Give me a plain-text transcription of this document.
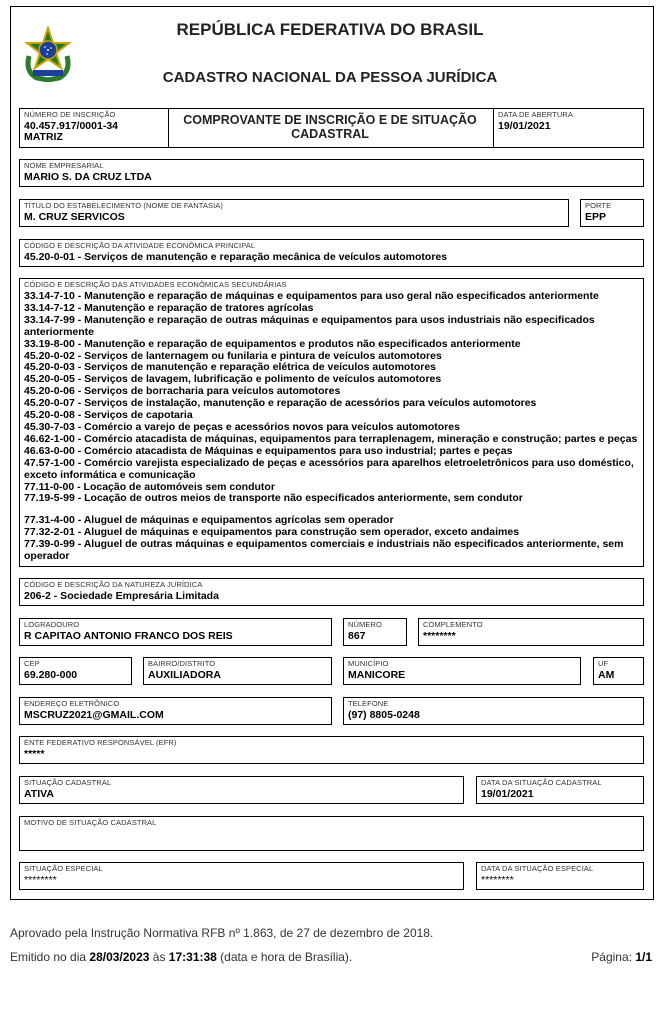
REPÚBLICA FEDERATIVA DO BRASIL
CADASTRO NACIONAL DA PESSOA JURÍDICA
NÚMERO DE INSCRIÇÃO
40.457.917/0001-34
MATRIZ
COMPROVANTE DE INSCRIÇÃO E DE SITUAÇÃO
CADASTRAL
DATA DE ABERTURA
19/01/2021
NOME EMPRESARIAL
MARIO S. DA CRUZ LTDA
TÍTULO DO ESTABELECIMENTO (NOME DE FANTASIA)
M. CRUZ SERVICOS
PORTE
EPP
CÓDIGO E DESCRIÇÃO DA ATIVIDADE ECONÔMICA PRINCIPAL
45.20-0-01 - Serviços de manutenção e reparação mecânica de veículos automotores
CÓDIGO E DESCRIÇÃO DAS ATIVIDADES ECONÔMICAS SECUNDÁRIAS
33.14-7-10 - Manutenção e reparação de máquinas e equipamentos para uso geral não especificados anteriormente
33.14-7-12 - Manutenção e reparação de tratores agrícolas
33.14-7-99 - Manutenção e reparação de outras máquinas e equipamentos para usos industriais não especificados anteriormente
33.19-8-00 - Manutenção e reparação de equipamentos e produtos não especificados anteriormente
45.20-0-02 - Serviços de lanternagem ou funilaria e pintura de veículos automotores
45.20-0-03 - Serviços de manutenção e reparação elétrica de veículos automotores
45.20-0-05 - Serviços de lavagem, lubrificação e polimento de veículos automotores
45.20-0-06 - Serviços de borracharia para veículos automotores
45.20-0-07 - Serviços de instalação, manutenção e reparação de acessórios para veículos automotores
45.20-0-08 - Serviços de capotaria
45.30-7-03 - Comércio a varejo de peças e acessórios novos para veículos automotores
46.62-1-00 - Comércio atacadista de máquinas, equipamentos para terraplenagem, mineração e construção; partes e peças
46.63-0-00 - Comércio atacadista de Máquinas e equipamentos para uso industrial; partes e peças
47.57-1-00 - Comércio varejista especializado de peças e acessórios para aparelhos eletroeletrônicos para uso doméstico, exceto informática e comunicação
77.11-0-00 - Locação de automóveis sem condutor
77.19-5-99 - Locação de outros meios de transporte não especificados anteriormente, sem condutor
77.31-4-00 - Aluguel de máquinas e equipamentos agrícolas sem operador
77.32-2-01 - Aluguel de máquinas e equipamentos para construção sem operador, exceto andaimes
77.39-0-99 - Aluguel de outras máquinas e equipamentos comerciais e industriais não especificados anteriormente, sem operador
CÓDIGO E DESCRIÇÃO DA NATUREZA JURÍDICA
206-2 - Sociedade Empresária Limitada
LOGRADOURO
R CAPITAO ANTONIO FRANCO DOS REIS
NÚMERO
867
COMPLEMENTO
********
CEP
69.280-000
BAIRRO/DISTRITO
AUXILIADORA
MUNICÍPIO
MANICORE
UF
AM
ENDEREÇO ELETRÔNICO
MSCRUZ2021@GMAIL.COM
TELEFONE
(97) 8805-0248
ENTE FEDERATIVO RESPONSÁVEL (EFR)
*****
SITUAÇÃO CADASTRAL
ATIVA
DATA DA SITUAÇÃO CADASTRAL
19/01/2021
MOTIVO DE SITUAÇÃO CADASTRAL
SITUAÇÃO ESPECIAL
********
DATA DA SITUAÇÃO ESPECIAL
********
Aprovado pela Instrução Normativa RFB nº 1.863, de 27 de dezembro de 2018.
Emitido no dia 28/03/2023 às 17:31:38 (data e hora de Brasília).	Página: 1/1
